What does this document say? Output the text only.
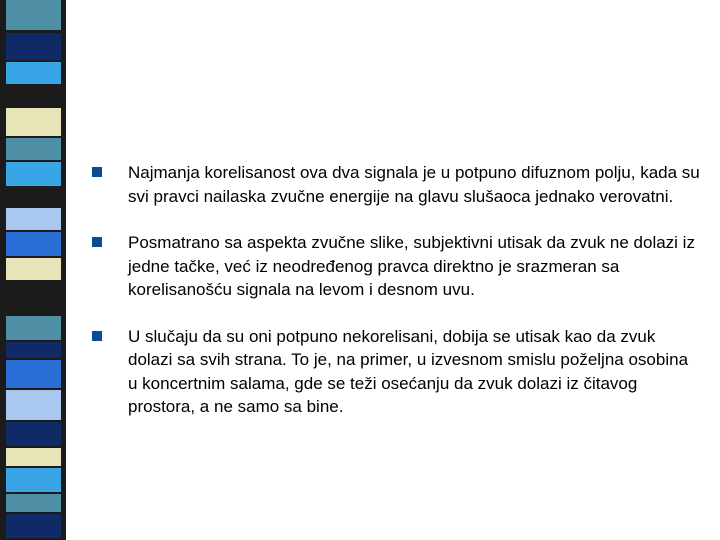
Najmanja korelisanost ova dva signala je u potpuno difuznom polju, kada su svi pravci nailaska zvučne energije na glavu slušaoca jednako verovatni.
Posmatrano sa aspekta zvučne slike, subjektivni utisak da zvuk ne dolazi iz jedne tačke, već iz neodređenog pravca direktno je srazmeran sa korelisanošću signala na levom i desnom uvu.
U slučaju da su oni potpuno nekorelisani, dobija se utisak kao da zvuk dolazi sa svih strana. To je, na primer, u izvesnom smislu poželjna osobina u koncertnim salama, gde se teži osećanju da zvuk dolazi iz čitavog prostora, a ne samo sa bine.
